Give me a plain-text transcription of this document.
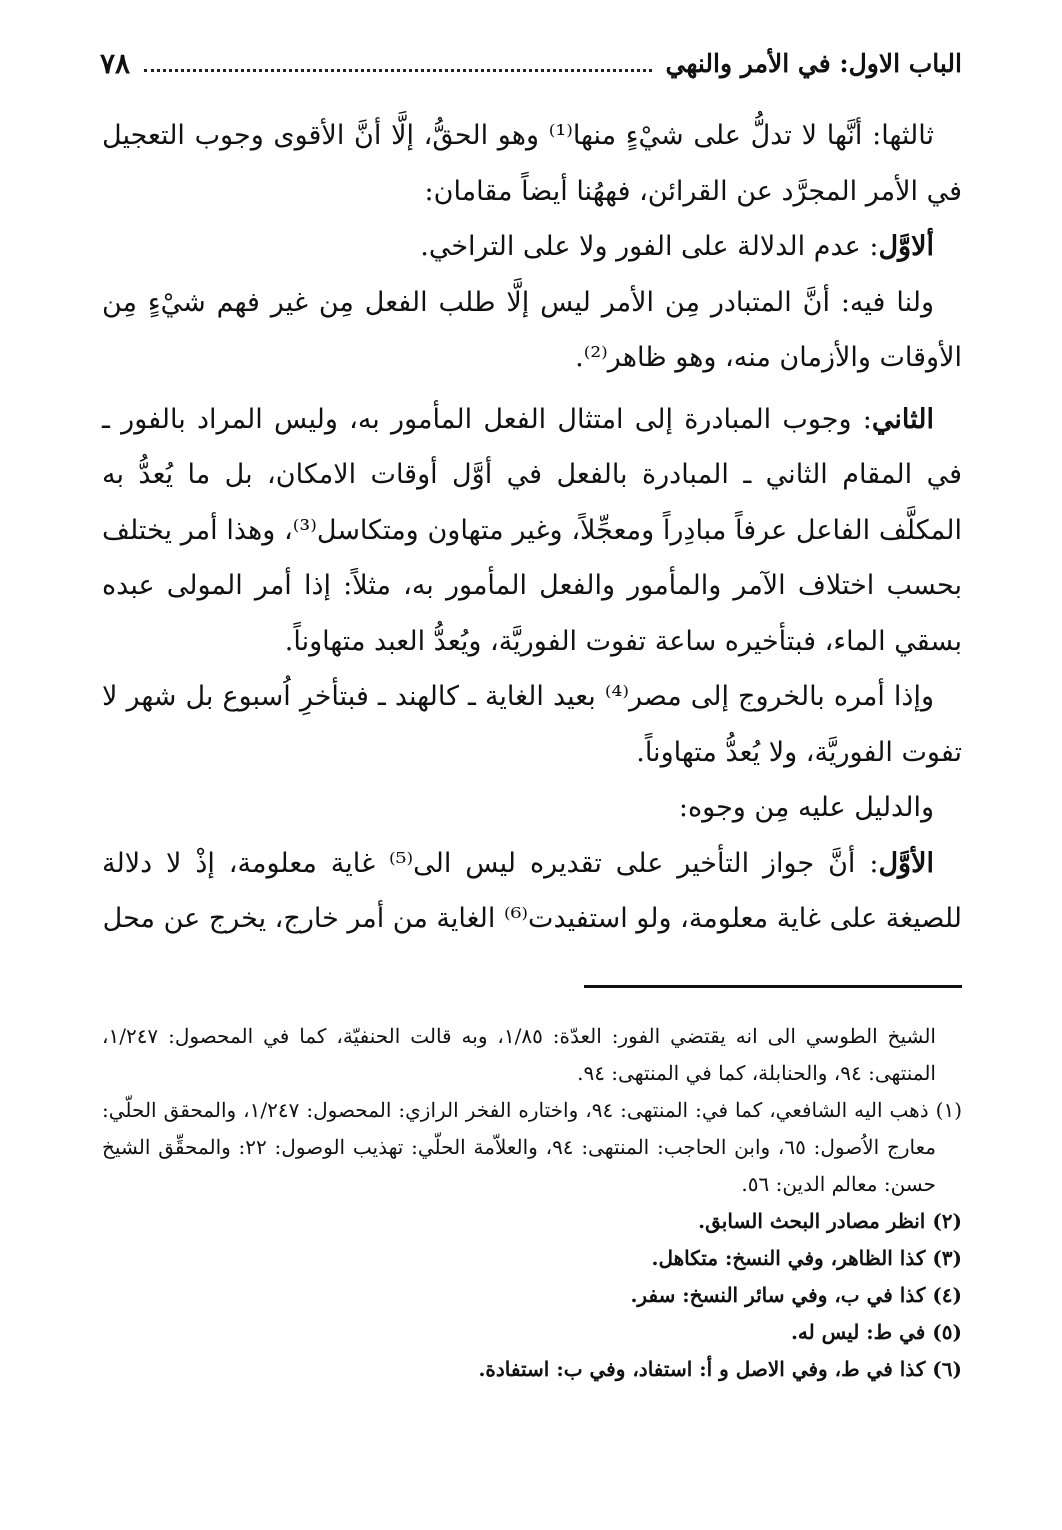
الباب الاول: في الأمر والنهي
٧٨

ثالثها: أنَّها لا تدلُّ على شيْءٍ منها⁽¹⁾ وهو الحقُّ، إلَّا أنَّ الأقوى وجوب التعجيل في الأمر المجرَّد عن القرائن، فههُنا أيضاً مقامان:

ألاوَّل: عدم الدلالة على الفور ولا على التراخي.

ولنا فيه: أنَّ المتبادر مِن الأمر ليس إلَّا طلب الفعل مِن غير فهم شيْءٍ مِن الأوقات والأزمان منه، وهو ظاهر⁽²⁾.

الثاني: وجوب المبادرة إلى امتثال الفعل المأمور به، وليس المراد بالفور ـ في المقام الثاني ـ المبادرة بالفعل في أوَّل أوقات الامكان، بل ما يُعدُّ به المكلَّف الفاعل عرفاً مبادِراً ومعجِّلاً، وغير متهاون ومتكاسل⁽³⁾، وهذا أمر يختلف بحسب اختلاف الآمر والمأمور والفعل المأمور به، مثلاً: إذا أمر المولى عبده بسقي الماء، فبتأخيره ساعة تفوت الفوريَّة، ويُعدُّ العبد متهاوناً.

وإذا أمره بالخروج إلى مصر⁽⁴⁾ بعيد الغاية ـ كالهند ـ فبتأخرِ اُسبوع بل شهر لا تفوت الفوريَّة، ولا يُعدُّ متهاوناً.

والدليل عليه مِن وجوه:

الأوَّل: أنَّ جواز التأخير على تقديره ليس الى⁽⁵⁾ غاية معلومة، إذْ لا دلالة للصيغة على غاية معلومة، ولو استفيدت⁽⁶⁾ الغاية من أمر خارج، يخرج عن محل

الشيخ الطوسي الى انه يقتضي الفور: العدّة: ١/٨٥، وبه قالت الحنفيّة، كما في المحصول: ١/٢٤٧، المنتهى: ٩٤، والحنابلة، كما في المنتهى: ٩٤.

(١) ذهب اليه الشافعي، كما في: المنتهى: ٩٤، واختاره الفخر الرازي: المحصول: ١/٢٤٧، والمحقق الحلّي: معارج الاُصول: ٦٥، وابن الحاجب: المنتهى: ٩٤، والعلاّمة الحلّي: تهذيب الوصول: ٢٢: والمحقِّق الشيخ حسن: معالم الدين: ٥٦.

(٢) انظر مصادر البحث السابق.

(٣) كذا الظاهر، وفي النسخ: متكاهل.

(٤) كذا في ب، وفي سائر النسخ: سفر.

(٥) في ط: ليس له.

(٦) كذا في ط، وفي الاصل و أ: استفاد، وفي ب: استفادة.
